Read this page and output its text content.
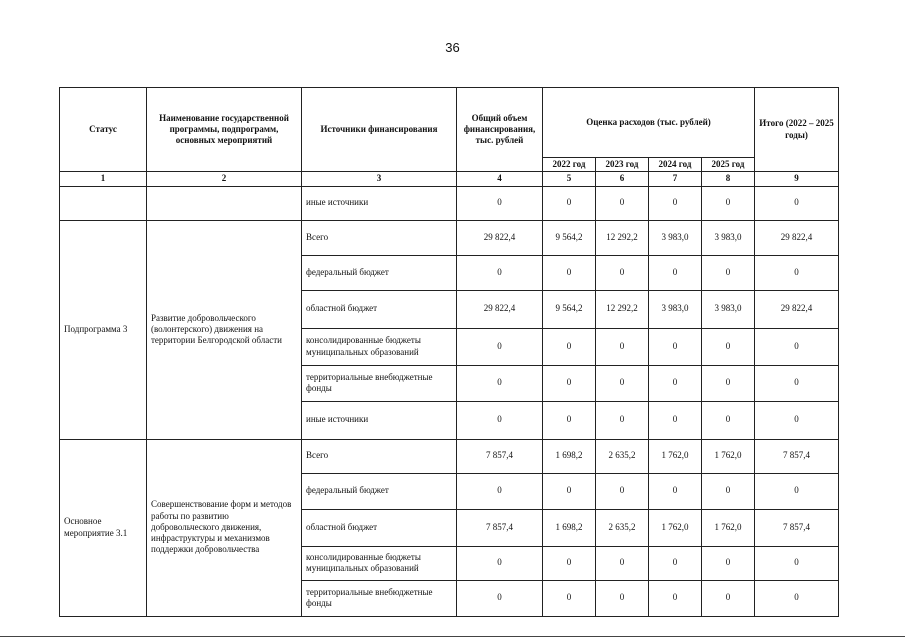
36
Статус	Наименование государственной программы, подпрограмм, основных мероприятий	Источники финансирования	Общий объем финансирования, тыс. рублей	Оценка расходов (тыс. рублей)				Итого (2022 – 2025 годы)
				2022 год	2023 год	2024 год	2025 год	
1	2	3	4	5	6	7	8	9
		иные источники	0	0	0	0	0	0
Подпрограмма 3	Развитие добровольческого (волонтерского) движения на территории Белгородской области	Всего	29 822,4	9 564,2	12 292,2	3 983,0	3 983,0	29 822,4
		федеральный бюджет	0	0	0	0	0	0
		областной бюджет	29 822,4	9 564,2	12 292,2	3 983,0	3 983,0	29 822,4
		консолидированные бюджеты муниципальных образований	0	0	0	0	0	0
		территориальные внебюджетные фонды	0	0	0	0	0	0
		иные источники	0	0	0	0	0	0
Основное мероприятие 3.1	Совершенствование форм и методов работы по развитию добровольческого движения, инфраструктуры и механизмов поддержки добровольчества	Всего	7 857,4	1 698,2	2 635,2	1 762,0	1 762,0	7 857,4
		федеральный бюджет	0	0	0	0	0	0
		областной бюджет	7 857,4	1 698,2	2 635,2	1 762,0	1 762,0	7 857,4
		консолидированные бюджеты муниципальных образований	0	0	0	0	0	0
		территориальные внебюджетные фонды	0	0	0	0	0	0
